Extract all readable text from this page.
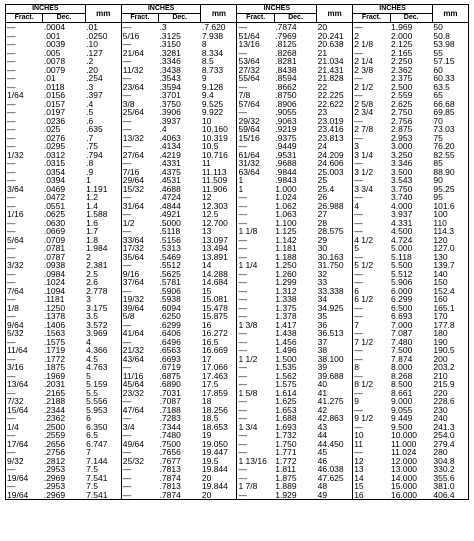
INCHES		mm	INCHES		mm	INCHES		mm	INCHES		mm
Fract.	Dec.		Fract.	Dec.		Fract.	Dec.		Fract.	Dec.	
—	.0004	.01	—	.3	.7.620	—	.7874	20	—	1.969	50
—	.001	.0250	5/16	.3125	7.938	51/64	.7969	20.241	2	2.000	50.8
—	.0039	.10	—	.3150	8	13/16	.8125	20.638	2 1/8	2.125	53.98
—	.005	.127	21/64	.3281	8.334	—	.8268	21	—	2.165	55
—	.0078	.2	—	.3346	8.5	53/64	.8281	21.034	2 1/4	2.250	57.15
—	.0079	.20	11/32	.3438	8.733	27/32	.8438	21.431	2 3/8	2.362	60
—	.01	.254	—	.3543	9	55/64	.8594	21.828	—	2.375	60.33
—	.0118	.3	23/64	.3594	9.128	—	.8662	22	2 1/2	2.500	63.5
1/64	.0156	.397	—	.3701	9.4	7/8	.8750	22.225	—	2.559	65
—	.0157	.4	3/8	.3750	9.525	57/64	.8906	22.622	2 5/8	2.625	66.68
—	.0197	.5	25/64	.3906	9.922	—	.9055	23	2 3/4	2.750	69.85
—	.0236	.6	—	.3937	10	29/32	.9063	23.019	—	2.756	70
—	.025	.635	—	.4	10.160	59/64	.9219	23.416	2 7/8	2.875	73.03
—	.0276	.7	13/32	.4063	10.319	15/16	.9375	23.813	—	2.953	75
—	.0295	.75	—	.4134	10.5	—	.9449	24	3	3.000	76.20
1/32	.0312	.794	27/64	.4219	10.716	61/64	.9531	24.209	3 1/4	3.250	82.55
—	.0315	.8	—	.4331	11	31/32	.9688	24.606	—	3.346	85
—	.0354	.9	7/16	.4375	11.113	63/64	.9844	25.003	3 1/2	3.500	88.90
—	.0394	1	29/64	.4531	11.509	1	.9843	25	—	3.543	90
3/64	.0469	1.191	15/32	.4688	11.906	1	1.000	25.4	3 3/4	3.750	95.25
—	.0472	1.2	—	.4724	12	—	1.024	26	—	3.740	95
—	.0551	1.4	31/64	.4844	12.303	—	1.062	26.988	4	4.000	101.6
1/16	.0625	1.588	—	.4921	12.5	—	1.063	27	—	3.937	100
—	.0630	1.6	1/2	.5000	12.700	—	1.100	28	—	4.331	110
—	.0669	1.7	—	.5118	13	1 1/8	1.125	28.575	—	4.500	114.3
5/64	.0709	1.8	33/64	.5156	13.097	—	1.142	29	4 1/2	4.724	120
—	.0781	1.984	17/32	.5313	13.494	—	1.181	30	5	5.000	127.0
—	.0787	2	35/64	.5469	13.891	—	1.188	30.163	—	5.118	130
3/32	.0938	2.381	—	.5512	14	1 1/4	1.250	31.750	5 1/2	5.500	139.7
—	.0984	2.5	9/16	.5625	14.288	—	1.260	32	—	5.512	140
—	.1024	2.6	37/64	.5781	14.684	—	1.299	33	—	5.906	150
7/64	.1094	2.778	—	.5906	15	—	1.312	33.338	6	6.000	152.4
—	.1181	3	19/32	.5938	15.081	—	1.338	34	6 1/2	6.299	160
1/8	.1250	3.175	39/64	.6094	15.478	—	1.375	34.925	—	6.500	165.1
—	.1378	3.5	5/8	.6250	15.875	—	1.378	35	—	6.693	170
9/64	.1406	3.572	—	.6299	16	1 3/8	1.417	36	7	7.000	177.8
5/32	.1563	3.969	41/64	.6406	16.272	—	1.438	36.513	—	7.087	180
—	.1575	4	—	.6496	16.5	—	1.456	37	7 1/2	7.480	190
11/64	.1719	4.366	21/32	.6563	16.669	—	1.496	38	—	7.500	190.5
—	.1772	4.5	43/64	.6693	17	1 1/2	1.500	38.100	—	7.874	200
3/16	.1875	4.763	—	.6719	17.066	—	1.535	39	8	8.000	203.2
—	.1969	5	11/16	.6875	17.463	—	1.562	39.688	—	8.268	210
13/64	.2031	5.159	45/64	.6890	17.5	—	1.575	40	8 1/2	8.500	215.9
—	.2165	5.5	23/32	.7031	17.859	1 5/8	1.614	41	—	8.661	220
7/32	.2188	5.556	—	.7087	18	—	1.625	41.275	9	9.000	228.6
15/64	.2344	5.953	47/64	.7188	18.256	—	1.653	42	—	9.055	230
—	.2362	6	—	.7283	18.5	—	1.688	42.863	9 1/2	9.449	240
1/4	.2500	6.350	3/4	.7344	18.653	1 3/4	1.693	43	—	9.500	241.3
—	.2559	6.5	—	.7480	19	—	1.732	44	10	10.000	254.0
17/64	.2656	6.747	49/64	.7500	19.050	—	1.750	44.450	11	11.000	279.4
—	.2756	7	—	.7656	19.447	—	1.771	45	—	11.024	280
9/32	.2812	7.144	25/32	.7677	19.5	1 13/16	1.772	46	12	12.000	304.8
—	.2953	7.5	—	.7813	19.844	—	1.811	46.038	13	13.000	330.2
19/64	.2969	7.541	—	.7874	20	—	1.875	47.625	14	14.000	355.6
—	.2953	7.5	—	.7813	19.844	1 7/8	1.889	48	15	15.000	381.0
19/64	.2969	7.541	—	.7874	20	—	1.929	49	16	16.000	406.4
